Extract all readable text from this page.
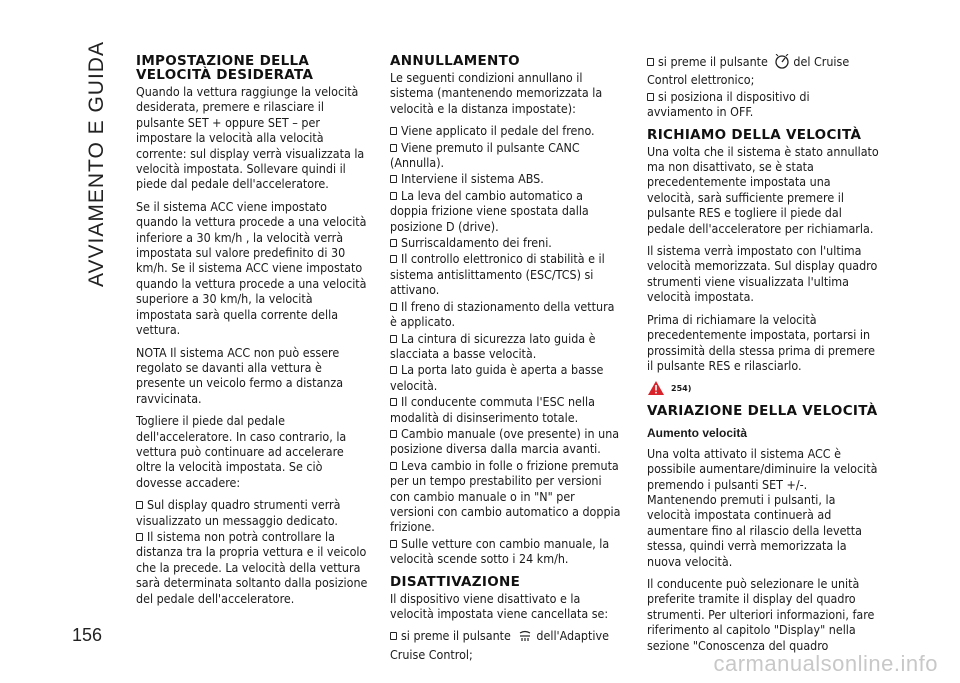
AVVIAMENTO E GUIDA IMPOSTAZIONE DELLA VELOCITÀ DESIDERATA

Quando la vettura raggiunge la velocità desiderata, premere e rilasciare il pulsante SET + oppure SET – per impostare la velocità alla velocità corrente: sul display verrà visualizzata la velocità impostata. Sollevare quindi il piede dal pedale dell'acceleratore.

Se il sistema ACC viene impostato quando la vettura procede a una velocità inferiore a 30 km/h , la velocità verrà impostata sul valore predefinito di 30 km/h. Se il sistema ACC viene impostato quando la vettura procede a una velocità superiore a 30 km/h, la velocità impostata sarà quella corrente della vettura.

NOTA Il sistema ACC non può essere regolato se davanti alla vettura è presente un veicolo fermo a distanza ravvicinata.

Togliere il piede dal pedale dell'acceleratore. In caso contrario, la vettura può continuare ad accelerare oltre la velocità impostata. Se ciò dovesse accadere:

Sul display quadro strumenti verrà visualizzato un messaggio dedicato.
Il sistema non potrà controllare la distanza tra la propria vettura e il veicolo che la precede. La velocità della vettura sarà determinata soltanto dalla posizione del pedale dell'acceleratore.
ANNULLAMENTO

Le seguenti condizioni annullano il sistema (mantenendo memorizzata la velocità e la distanza impostate):

Viene applicato il pedale del freno.
Viene premuto il pulsante CANC (Annulla).
Interviene il sistema ABS.
La leva del cambio automatico a doppia frizione viene spostata dalla posizione D (drive).
Surriscaldamento dei freni.
Il controllo elettronico di stabilità e il sistema antislittamento (ESC/TCS) si attivano.
Il freno di stazionamento della vettura è applicato.
La cintura di sicurezza lato guida è slacciata a basse velocità.
La porta lato guida è aperta a basse velocità.
Il conducente commuta l'ESC nella modalità di disinserimento totale.
Cambio manuale (ove presente) in una posizione diversa dalla marcia avanti.
Leva cambio in folle o frizione premuta per un tempo prestabilito per versioni con cambio manuale o in "N" per versioni con cambio automatico a doppia frizione.
Sulle vetture con cambio manuale, la velocità scende sotto i 24 km/h.
DISATTIVAZIONE

Il dispositivo viene disattivato e la velocità impostata viene cancellata se:

si preme il pulsante dell'Adaptive Cruise Control;
si preme il pulsante del Cruise Control elettronico;
si posiziona il dispositivo di avviamento in OFF.
RICHIAMO DELLA VELOCITÀ

Una volta che il sistema è stato annullato ma non disattivato, se è stata precedentemente impostata una velocità, sarà sufficiente premere il pulsante RES e togliere il piede dal pedale dell'acceleratore per richiamarla.

Il sistema verrà impostato con l'ultima velocità memorizzata. Sul display quadro strumenti viene visualizzata l'ultima velocità impostata.

Prima di richiamare la velocità precedentemente impostata, portarsi in prossimità della stessa prima di premere il pulsante RES e rilasciarlo.

254)
VARIAZIONE DELLA VELOCITÀ
Aumento velocità

Una volta attivato il sistema ACC è possibile aumentare/diminuire la velocità premendo i pulsanti SET +/-. Mantenendo premuti i pulsanti, la velocità impostata continuerà ad aumentare fino al rilascio della levetta stessa, quindi verrà memorizzata la nuova velocità.

Il conducente può selezionare le unità preferite tramite il display del quadro strumenti. Per ulteriori informazioni, fare riferimento al capitolo "Display" nella sezione "Conoscenza del quadro

156
carmanualsonline.info
